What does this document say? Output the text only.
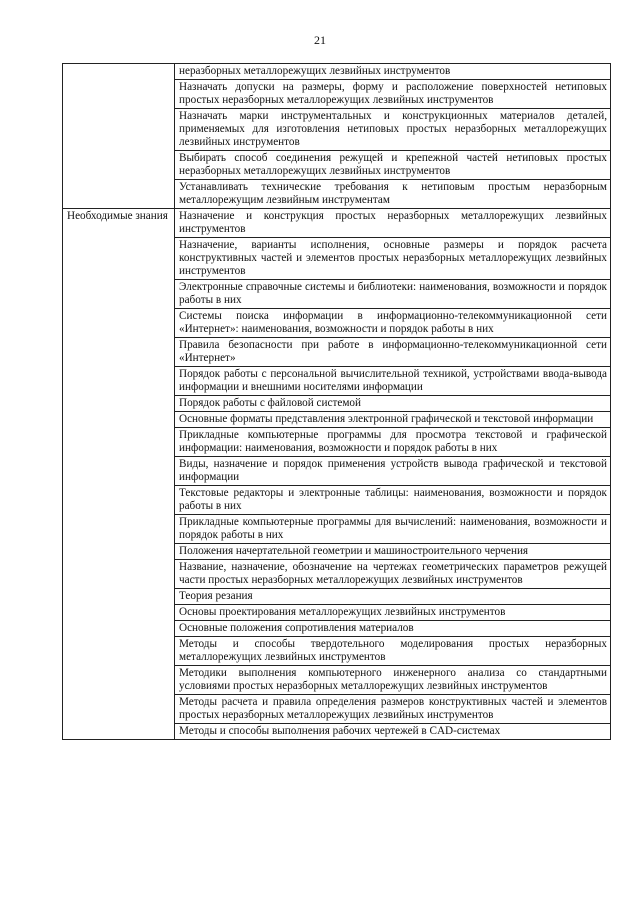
21
	неразборных металлорежущих лезвийных инструментов
	Назначать допуски на размеры, форму и расположение поверхностей нетиповых простых неразборных металлорежущих лезвийных инструментов
	Назначать марки инструментальных и конструкционных материалов деталей, применяемых для изготовления нетиповых простых неразборных металлорежущих лезвийных инструментов
	Выбирать способ соединения режущей и крепежной частей нетиповых простых неразборных металлорежущих лезвийных инструментов
	Устанавливать технические требования к нетиповым простым неразборным металлорежущим лезвийным инструментам
Необходимые знания	Назначение и конструкция простых неразборных металлорежущих лезвийных инструментов
	Назначение, варианты исполнения, основные размеры и порядок расчета конструктивных частей и элементов простых неразборных металлорежущих лезвийных инструментов
	Электронные справочные системы и библиотеки: наименования, возможности и порядок работы в них
	Системы поиска информации в информационно-телекоммуникационной сети «Интернет»: наименования, возможности и порядок работы в них
	Правила безопасности при работе в информационно-телекоммуникационной сети «Интернет»
	Порядок работы с персональной вычислительной техникой, устройствами ввода-вывода информации и внешними носителями информации
	Порядок работы с файловой системой
	Основные форматы представления электронной графической и текстовой информации
	Прикладные компьютерные программы для просмотра текстовой и графической информации: наименования, возможности и порядок работы в них
	Виды, назначение и порядок применения устройств вывода графической и текстовой информации
	Текстовые редакторы и электронные таблицы: наименования, возможности и порядок работы в них
	Прикладные компьютерные программы для вычислений: наименования, возможности и порядок работы в них
	Положения начертательной геометрии и машиностроительного черчения
	Название, назначение, обозначение на чертежах геометрических параметров режущей части простых неразборных металлорежущих лезвийных инструментов
	Теория резания
	Основы проектирования металлорежущих лезвийных инструментов
	Основные положения сопротивления материалов
	Методы и способы твердотельного моделирования простых неразборных металлорежущих лезвийных инструментов
	Методики выполнения компьютерного инженерного анализа со стандартными условиями простых неразборных металлорежущих лезвийных инструментов
	Методы расчета и правила определения размеров конструктивных частей и элементов простых неразборных металлорежущих лезвийных инструментов
	Методы и способы выполнения рабочих чертежей в CAD-системах
